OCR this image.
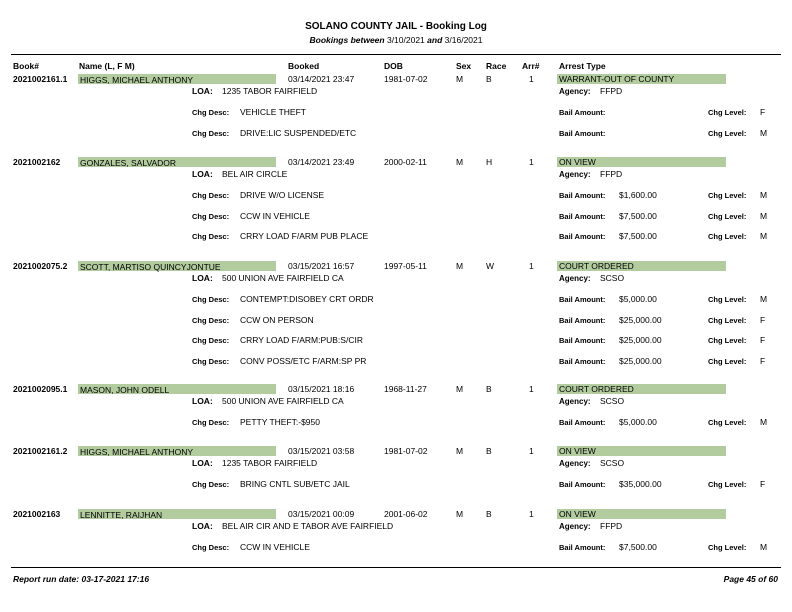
SOLANO COUNTY JAIL - Booking Log
Bookings between 3/10/2021 and 3/16/2021
Book#	Name (L, F M)	Booked	DOB	Sex Race Arr# Arrest Type
2021002161.1 HIGGS, MICHAEL ANTHONY	03/14/2021 23:47	1981-07-02	M	B	1	WARRANT-OUT OF COUNTY
LOA: 1235 TABOR FAIRFIELD	Agency: FFPD
Chg Desc: VEHICLE THEFT	Bail Amount:	Chg Level: F
Chg Desc: DRIVE:LIC SUSPENDED/ETC	Bail Amount:	Chg Level: M
2021002162 GONZALES, SALVADOR	03/14/2021 23:49	2000-02-11	M	H	1	ON VIEW
LOA: BEL AIR CIRCLE	Agency: FFPD
Chg Desc: DRIVE W/O LICENSE	Bail Amount: $1,600.00	Chg Level: M
Chg Desc: CCW IN VEHICLE	Bail Amount: $7,500.00	Chg Level: M
Chg Desc: CRRY LOAD F/ARM PUB PLACE	Bail Amount: $7,500.00	Chg Level: M
2021002075.2 SCOTT, MARTISO QUINCYJONTUE	03/15/2021 16:57	1997-05-11	M	W	1	COURT ORDERED
LOA: 500 UNION AVE FAIRFIELD CA	Agency: SCSO
Chg Desc: CONTEMPT:DISOBEY CRT ORDR	Bail Amount: $5,000.00	Chg Level: M
Chg Desc: CCW ON PERSON	Bail Amount: $25,000.00	Chg Level: F
Chg Desc: CRRY LOAD F/ARM:PUB:S/CIR	Bail Amount: $25,000.00	Chg Level: F
Chg Desc: CONV POSS/ETC F/ARM:SP PR	Bail Amount: $25,000.00	Chg Level: F
2021002095.1 MASON, JOHN ODELL	03/15/2021 18:16	1968-11-27	M	B	1	COURT ORDERED
LOA: 500 UNION AVE FAIRFIELD CA	Agency: SCSO
Chg Desc: PETTY THEFT:-$950	Bail Amount: $5,000.00	Chg Level: M
2021002161.2 HIGGS, MICHAEL ANTHONY	03/15/2021 03:58	1981-07-02	M	B	1	ON VIEW
LOA: 1235 TABOR FAIRFIELD	Agency: SCSO
Chg Desc: BRING CNTL SUB/ETC JAIL	Bail Amount: $35,000.00	Chg Level: F
2021002163 LENNITTE, RAIJHAN	03/15/2021 00:09	2001-06-02	M	B	1	ON VIEW
LOA: BEL AIR CIR AND E TABOR AVE FAIRFIELD	Agency: FFPD
Chg Desc: CCW IN VEHICLE	Bail Amount: $7,500.00	Chg Level: M
Report run date: 03-17-2021 17:16	Page 45 of 60
